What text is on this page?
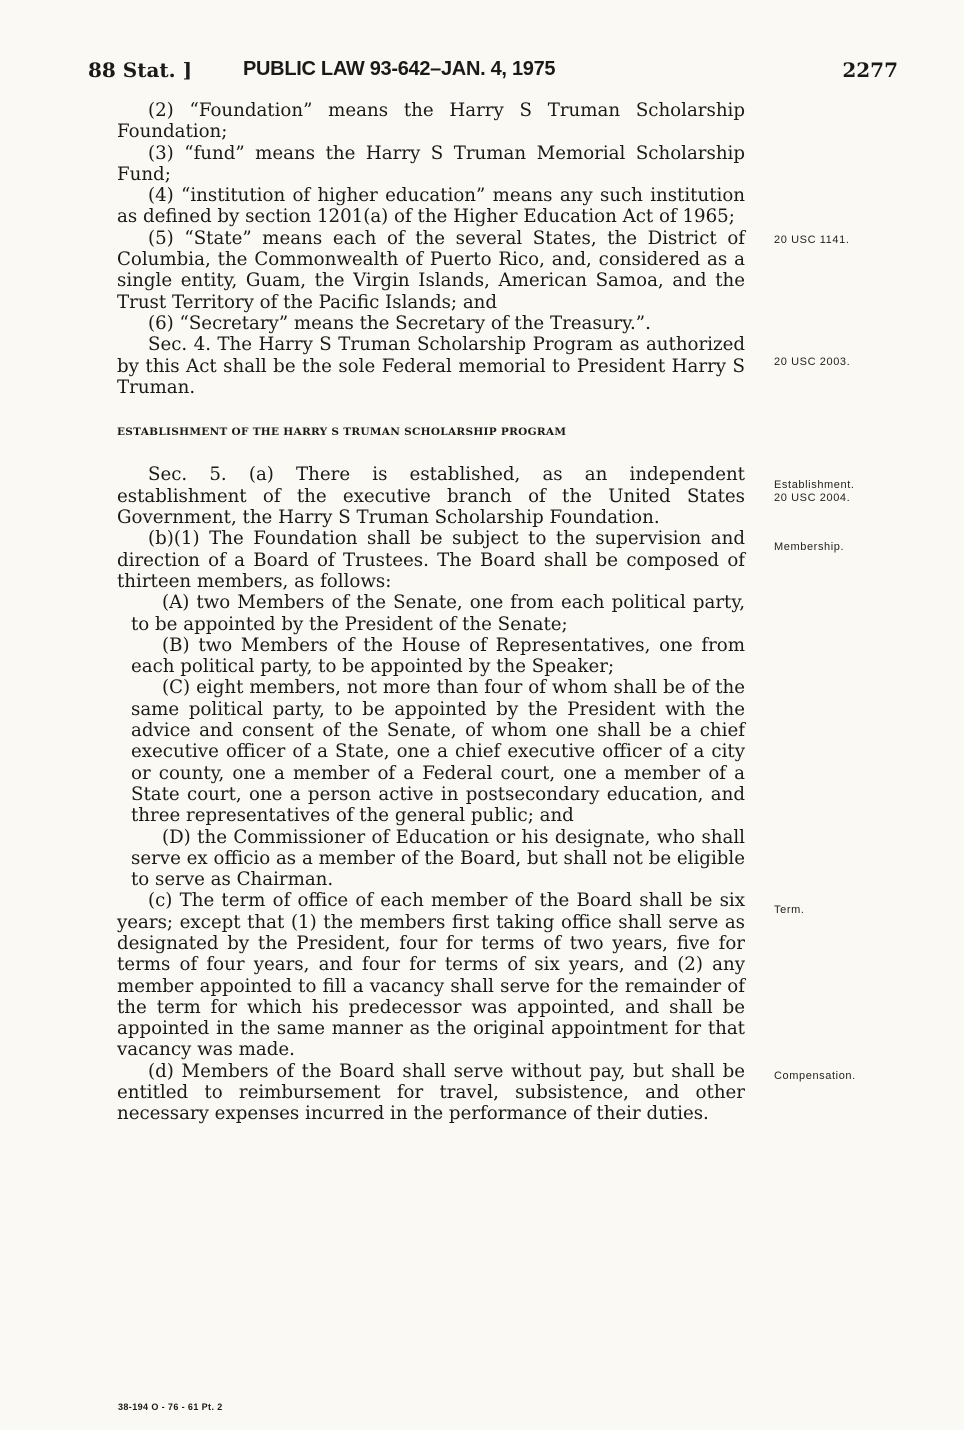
88 Stat. ]	PUBLIC LAW 93-642–JAN. 4, 1975	2277

(2) “Foundation” means the Harry S Truman Scholarship Foundation;

(3) “fund” means the Harry S Truman Memorial Scholarship Fund;

(4) “institution of higher education” means any such institution as defined by section 1201(a) of the Higher Education Act of 1965;

(5) “State” means each of the several States, the District of Columbia, the Commonwealth of Puerto Rico, and, considered as a single entity, Guam, the Virgin Islands, American Samoa, and the Trust Territory of the Pacific Islands; and

(6) “Secretary” means the Secretary of the Treasury.”.

Sec. 4. The Harry S Truman Scholarship Program as authorized by this Act shall be the sole Federal memorial to President Harry S Truman.

ESTABLISHMENT OF THE HARRY S TRUMAN SCHOLARSHIP PROGRAM

Sec. 5. (a) There is established, as an independent establishment of the executive branch of the United States Government, the Harry S Truman Scholarship Foundation.

(b)(1) The Foundation shall be subject to the supervision and direction of a Board of Trustees. The Board shall be composed of thirteen members, as follows:

(A) two Members of the Senate, one from each political party, to be appointed by the President of the Senate;

(B) two Members of the House of Representatives, one from each political party, to be appointed by the Speaker;

(C) eight members, not more than four of whom shall be of the same political party, to be appointed by the President with the advice and consent of the Senate, of whom one shall be a chief executive officer of a State, one a chief executive officer of a city or county, one a member of a Federal court, one a member of a State court, one a person active in postsecondary education, and three representatives of the general public; and

(D) the Commissioner of Education or his designate, who shall serve ex officio as a member of the Board, but shall not be eligible to serve as Chairman.

(c) The term of office of each member of the Board shall be six years; except that (1) the members first taking office shall serve as designated by the President, four for terms of two years, five for terms of four years, and four for terms of six years, and (2) any member appointed to fill a vacancy shall serve for the remainder of the term for which his predecessor was appointed, and shall be appointed in the same manner as the original appointment for that vacancy was made.

(d) Members of the Board shall serve without pay, but shall be entitled to reimbursement for travel, subsistence, and other necessary expenses incurred in the performance of their duties.

20 USC 1141.
20 USC 2003.
Establishment.
20 USC 2004.
Membership.
Term.
Compensation.
38-194 O - 76 - 61 Pt. 2
